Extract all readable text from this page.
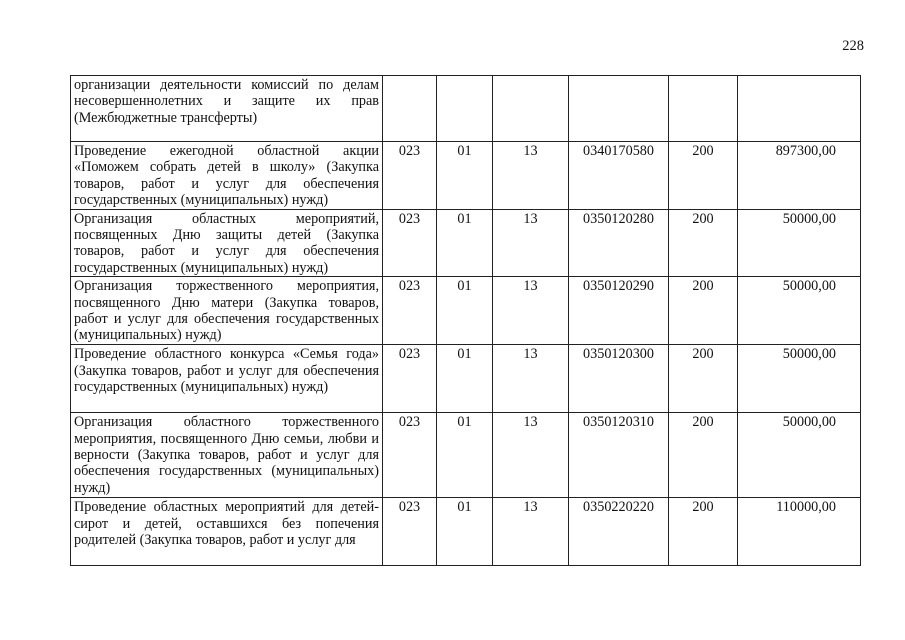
228
организации деятельности комиссий по делам несовершеннолетних и защите их прав (Межбюджетные трансферты)						
Проведение ежегодной областной акции «Поможем собрать детей в школу» (Закупка товаров, работ и услуг для обеспечения государственных (муниципальных) нужд)	023	01	13	0340170580	200	897300,00
Организация областных мероприятий, посвященных Дню защиты детей (Закупка товаров, работ и услуг для обеспечения государственных (муниципальных) нужд)	023	01	13	0350120280	200	50000,00
Организация торжественного мероприятия, посвященного Дню матери (Закупка товаров, работ и услуг для обеспечения государственных (муниципальных) нужд)	023	01	13	0350120290	200	50000,00
Проведение областного конкурса «Семья года» (Закупка товаров, работ и услуг для обеспечения государственных (муниципальных) нужд)	023	01	13	0350120300	200	50000,00
Организация областного торжественного мероприятия, посвященного Дню семьи, любви и верности (Закупка товаров, работ и услуг для обеспечения государственных (муниципальных) нужд)	023	01	13	0350120310	200	50000,00
Проведение областных мероприятий для детей-сирот и детей, оставшихся без попечения родителей (Закупка товаров, работ и услуг для	023	01	13	0350220220	200	110000,00
